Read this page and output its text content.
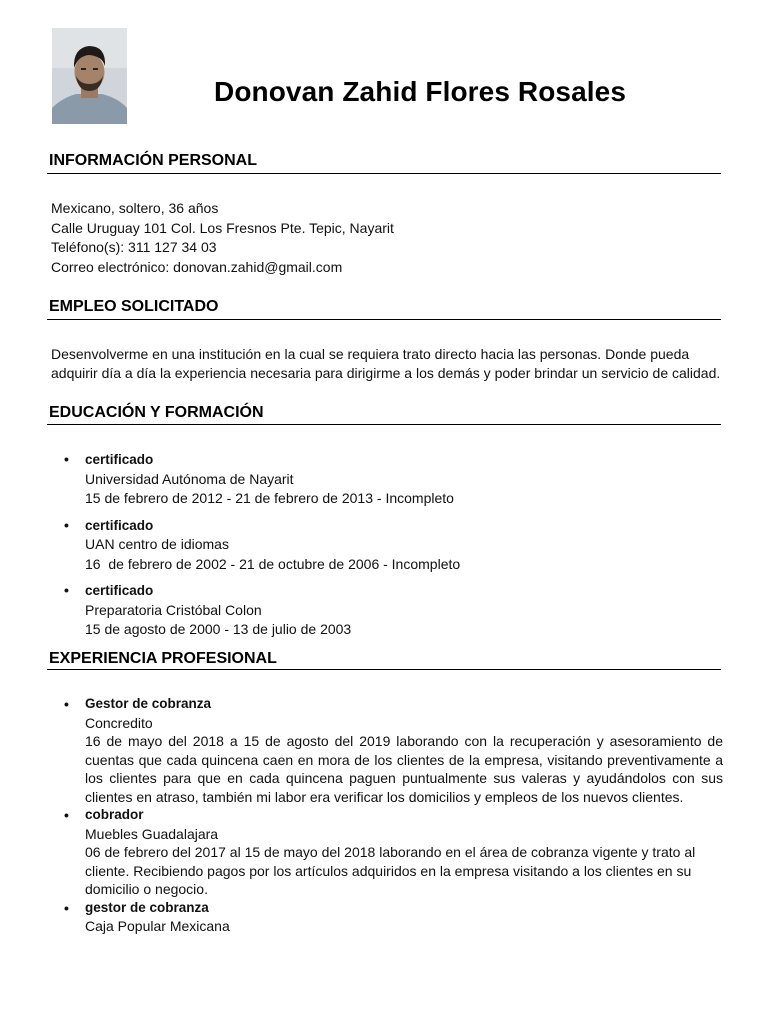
Donovan Zahid Flores Rosales
INFORMACIÓN PERSONAL
Mexicano, soltero, 36 años
Calle Uruguay 101 Col. Los Fresnos Pte. Tepic, Nayarit
Teléfono(s): 311 127 34 03
Correo electrónico: donovan.zahid@gmail.com
EMPLEO SOLICITADO
Desenvolverme en una institución en la cual se requiera trato directo hacia las personas. Donde pueda adquirir día a día la experiencia necesaria para dirigirme a los demás y poder brindar un servicio de calidad.
EDUCACIÓN Y FORMACIÓN
• certificado
Universidad Autónoma de Nayarit
15 de febrero de 2012 - 21 de febrero de 2013 - Incompleto
• certificado
UAN centro de idiomas
16  de febrero de 2002 - 21 de octubre de 2006 - Incompleto
• certificado
Preparatoria Cristóbal Colon
15 de agosto de 2000 - 13 de julio de 2003
EXPERIENCIA PROFESIONAL
• Gestor de cobranza
Concredito
16 de mayo del 2018 a 15 de agosto del 2019 laborando con la recuperación y asesoramiento de cuentas que cada quincena caen en mora de los clientes de la empresa, visitando preventivamente a los clientes para que en cada quincena paguen puntualmente sus valeras y ayudándolos con sus clientes en atraso, también mi labor era verificar los domicilios y empleos de los nuevos clientes.
• cobrador
Muebles Guadalajara
06 de febrero del 2017 al 15 de mayo del 2018 laborando en el área de cobranza vigente y trato al cliente. Recibiendo pagos por los artículos adquiridos en la empresa visitando a los clientes en su domicilio o negocio.
• gestor de cobranza
Caja Popular Mexicana
